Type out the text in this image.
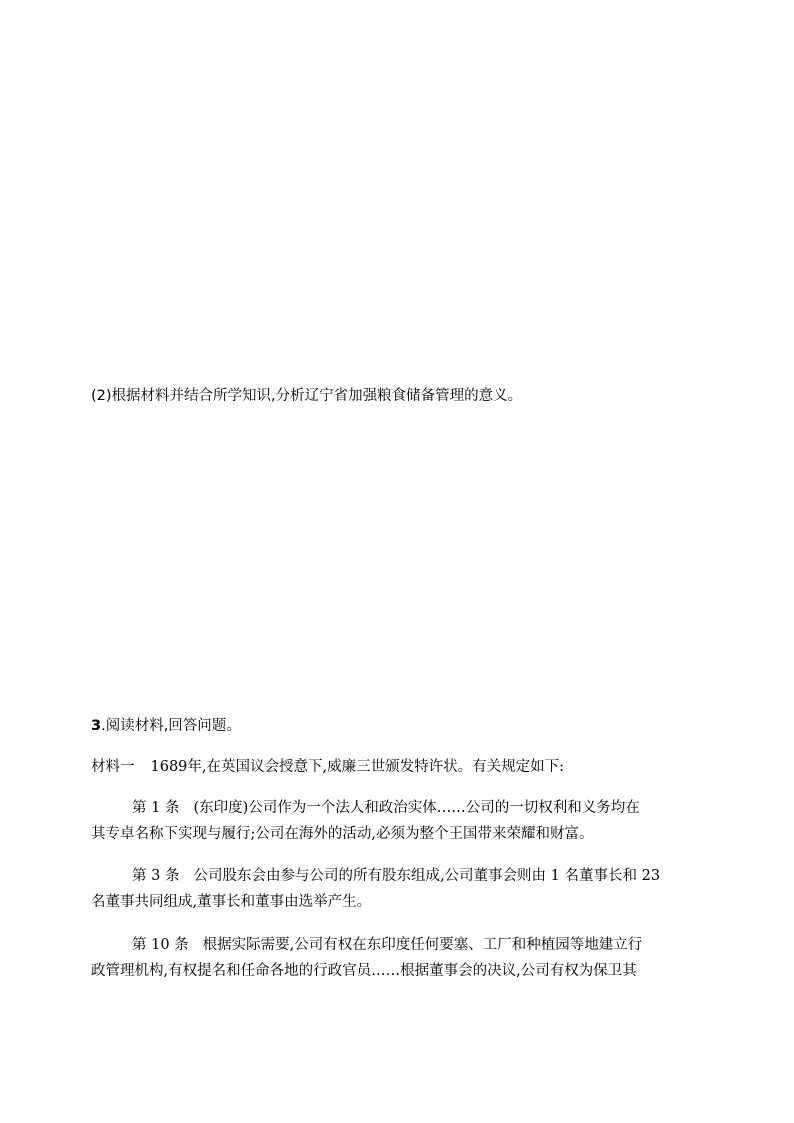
(2)根据材料并结合所学知识,分析辽宁省加强粮食储备管理的意义。
3.阅读材料,回答问题。
材料一 1689年,在英国议会授意下,威廉三世颁发特许状。有关规定如下:
第 1 条 (东印度)公司作为一个法人和政治实体……公司的一切权利和义务均在
其专卓名称下实现与履行;公司在海外的活动,必须为整个王国带来荣耀和财富。
第 3 条 公司股东会由参与公司的所有股东组成,公司董事会则由 1 名董事长和 23
名董事共同组成,董事长和董事由选举产生。
第 10 条 根据实际需要,公司有权在东印度任何要塞、工厂和种植园等地建立行
政管理机构,有权提名和任命各地的行政官员……根据董事会的决议,公司有权为保卫其
